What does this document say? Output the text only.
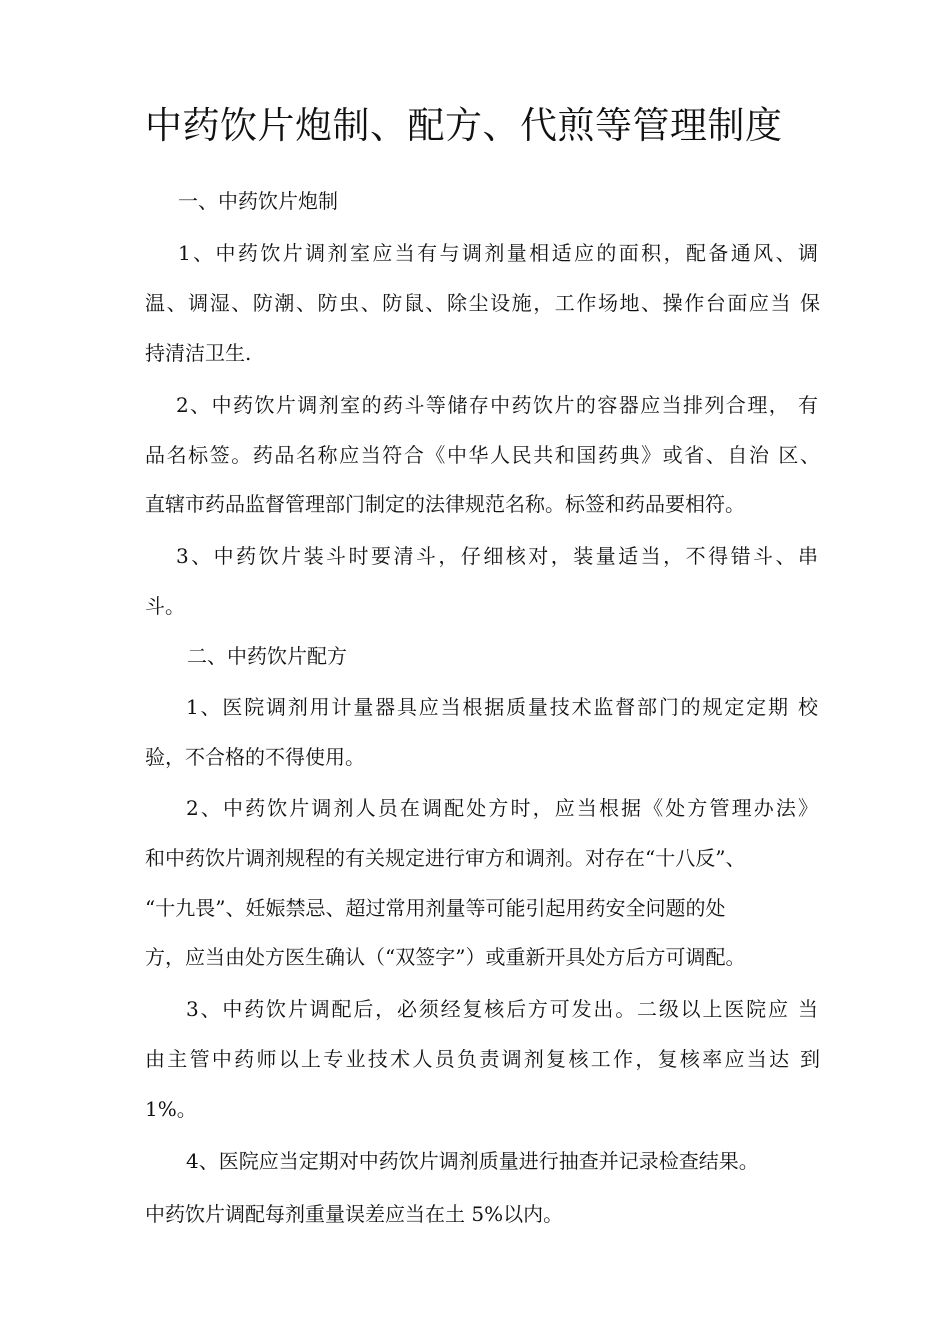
中药饮片炮制、配方、代煎等管理制度

一、中药饮片炮制

1、中药饮片调剂室应当有与调剂量相适应的面积，配备通风、调

温、调湿、防潮、防虫、防鼠、除尘设施，工作场地、操作台面应当 保

持清洁卫生.

2、中药饮片调剂室的药斗等储存中药饮片的容器应当排列合理， 有

品名标签。药品名称应当符合《中华人民共和国药典》或省、自治 区、

直辖市药品监督管理部门制定的法律规范名称。标签和药品要相符。

3、中药饮片装斗时要清斗，仔细核对，装量适当，不得错斗、串

斗。

二、中药饮片配方

1、医院调剂用计量器具应当根据质量技术监督部门的规定定期 校

验，不合格的不得使用。

2、中药饮片调剂人员在调配处方时，应当根据《处方管理办法》

和中药饮片调剂规程的有关规定进行审方和调剂。对存在“十八反”、

“十九畏”、妊娠禁忌、超过常用剂量等可能引起用药安全问题的处

方，应当由处方医生确认（“双签字”）或重新开具处方后方可调配。

3、中药饮片调配后，必须经复核后方可发出。二级以上医院应 当

由主管中药师以上专业技术人员负责调剂复核工作，复核率应当达 到

1%。

4、医院应当定期对中药饮片调剂质量进行抽查并记录检查结果。

中药饮片调配每剂重量误差应当在土 5%以内。
